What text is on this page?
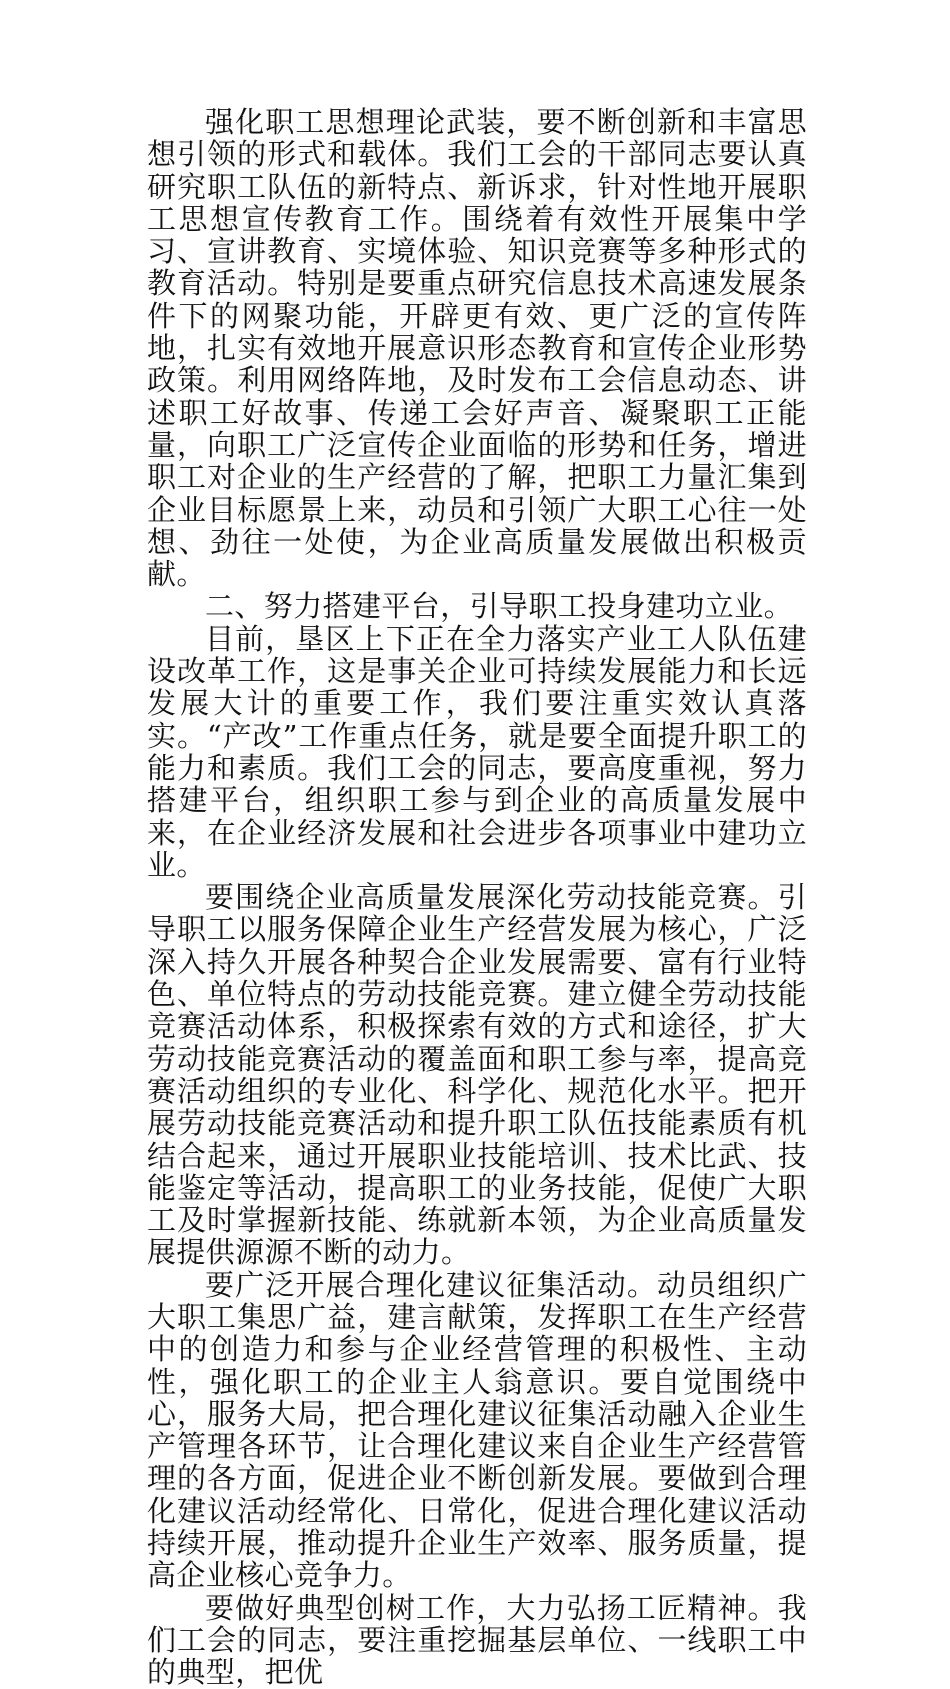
强化职工思想理论武装，要不断创新和丰富思想引领的形式和载体。我们工会的干部同志要认真研究职工队伍的新特点、新诉求，针对性地开展职工思想宣传教育工作。围绕着有效性开展集中学习、宣讲教育、实境体验、知识竞赛等多种形式的教育活动。特别是要重点研究信息技术高速发展条件下的网聚功能，开辟更有效、更广泛的宣传阵地，扎实有效地开展意识形态教育和宣传企业形势政策。利用网络阵地，及时发布工会信息动态、讲述职工好故事、传递工会好声音、凝聚职工正能量，向职工广泛宣传企业面临的形势和任务，增进职工对企业的生产经营的了解，把职工力量汇集到企业目标愿景上来，动员和引领广大职工心往一处想、劲往一处使，为企业高质量发展做出积极贡献。

二、努力搭建平台，引导职工投身建功立业。

目前，垦区上下正在全力落实产业工人队伍建设改革工作，这是事关企业可持续发展能力和长远发展大计的重要工作，我们要注重实效认真落实。“产改”工作重点任务，就是要全面提升职工的能力和素质。我们工会的同志，要高度重视，努力搭建平台，组织职工参与到企业的高质量发展中来，在企业经济发展和社会进步各项事业中建功立业。

要围绕企业高质量发展深化劳动技能竞赛。引导职工以服务保障企业生产经营发展为核心，广泛深入持久开展各种契合企业发展需要、富有行业特色、单位特点的劳动技能竞赛。建立健全劳动技能竞赛活动体系，积极探索有效的方式和途径，扩大劳动技能竞赛活动的覆盖面和职工参与率，提高竞赛活动组织的专业化、科学化、规范化水平。把开展劳动技能竞赛活动和提升职工队伍技能素质有机结合起来，通过开展职业技能培训、技术比武、技能鉴定等活动，提高职工的业务技能，促使广大职工及时掌握新技能、练就新本领，为企业高质量发展提供源源不断的动力。

要广泛开展合理化建议征集活动。动员组织广大职工集思广益，建言献策，发挥职工在生产经营中的创造力和参与企业经营管理的积极性、主动性，强化职工的企业主人翁意识。要自觉围绕中心，服务大局，把合理化建议征集活动融入企业生产管理各环节，让合理化建议来自企业生产经营管理的各方面，促进企业不断创新发展。要做到合理化建议活动经常化、日常化，促进合理化建议活动持续开展，推动提升企业生产效率、服务质量，提高企业核心竞争力。

要做好典型创树工作，大力弘扬工匠精神。我们工会的同志，要注重挖掘基层单位、一线职工中的典型，把优
